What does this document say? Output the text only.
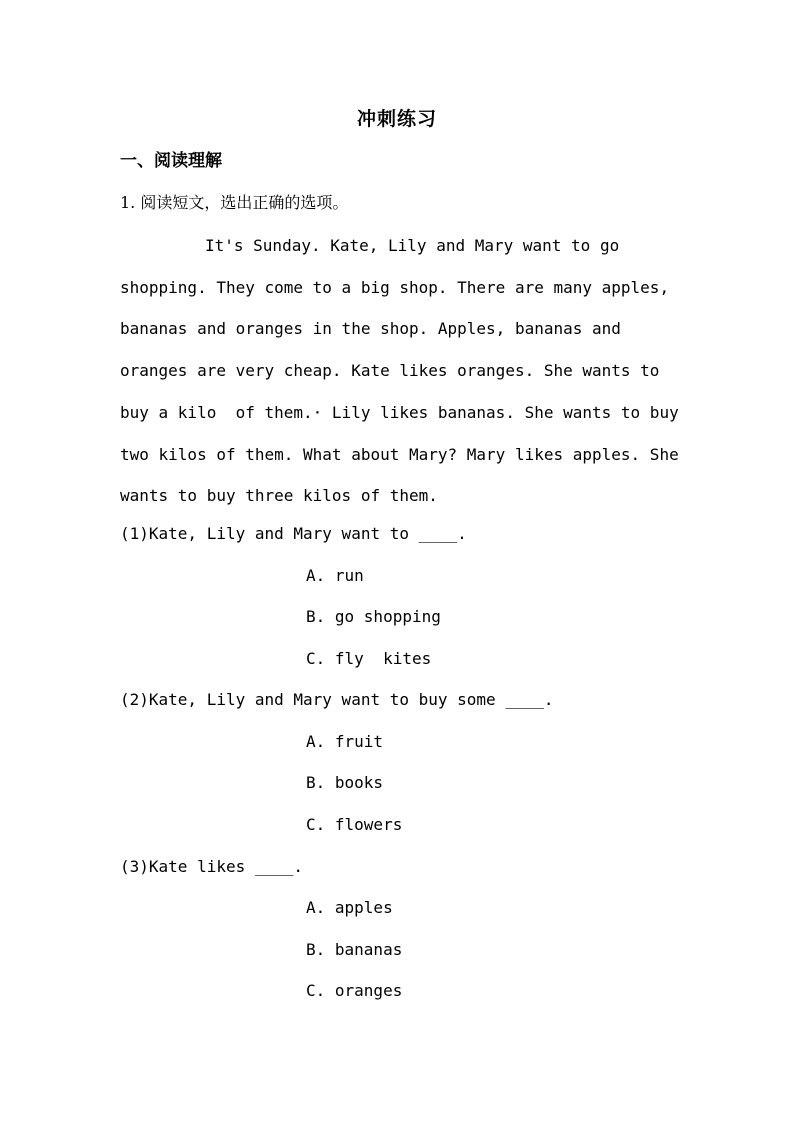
冲刺练习
一、阅读理解
1. 阅读短文，选出正确的选项。
It's Sunday. Kate, Lily and Mary want to go
shopping. They come to a big shop. There are many apples,
bananas and oranges in the shop. Apples, bananas and
oranges are very cheap. Kate likes oranges. She wants to
buy a kilo  of them.· Lily likes bananas. She wants to buy
two kilos of them. What about Mary? Mary likes apples. She
wants to buy three kilos of them.
(1)Kate, Lily and Mary want to ____.
A. run
B. go shopping
C. fly  kites
(2)Kate, Lily and Mary want to buy some ____.
A. fruit
B. books
C. flowers
(3)Kate likes ____.
A. apples
B. bananas
C. oranges
